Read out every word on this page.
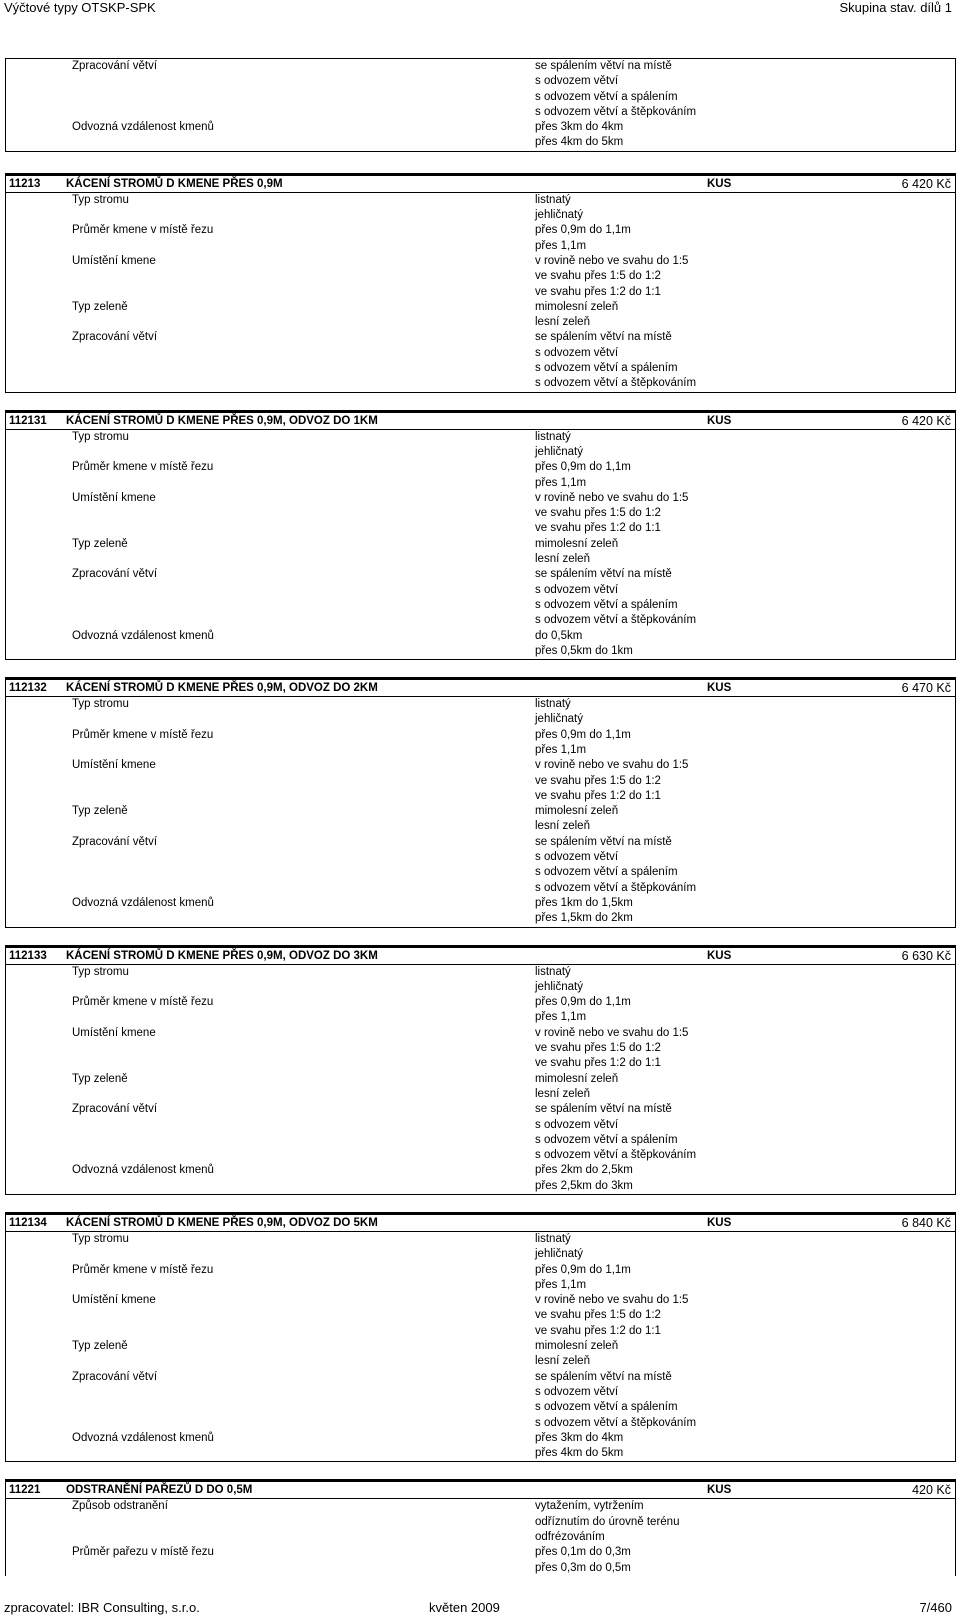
Výčtové typy OTSKP-SPK	Skupina stav. dílů 1
Zpracování větví	se spálením větví na místě
s odvozem větví
s odvozem větví a spálením
s odvozem větví a štěpkováním
Odvozná vzdálenost kmenů	přes 3km do 4km
přes 4km do 5km
11213	KÁCENÍ STROMŮ D KMENE PŘES 0,9M	KUS	6 420 Kč
Typ stromu	listnatý
jehličnatý
Průměr kmene v místě řezu	přes 0,9m do 1,1m
přes 1,1m
Umístění kmene	v rovině nebo ve svahu do 1:5
ve svahu přes 1:5 do 1:2
ve svahu přes 1:2 do 1:1
Typ zeleně	mimolesní zeleň
lesní zeleň
Zpracování větví	se spálením větví na místě
s odvozem větví
s odvozem větví a spálením
s odvozem větví a štěpkováním
112131	KÁCENÍ STROMŮ D KMENE PŘES 0,9M, ODVOZ DO 1KM	KUS	6 420 Kč
Typ stromu	listnatý
jehličnatý
Průměr kmene v místě řezu	přes 0,9m do 1,1m
přes 1,1m
Umístění kmene	v rovině nebo ve svahu do 1:5
ve svahu přes 1:5 do 1:2
ve svahu přes 1:2 do 1:1
Typ zeleně	mimolesní zeleň
lesní zeleň
Zpracování větví	se spálením větví na místě
s odvozem větví
s odvozem větví a spálením
s odvozem větví a štěpkováním
Odvozná vzdálenost kmenů	do 0,5km
přes 0,5km do 1km
112132	KÁCENÍ STROMŮ D KMENE PŘES 0,9M, ODVOZ DO 2KM	KUS	6 470 Kč
Typ stromu	listnatý
jehličnatý
Průměr kmene v místě řezu	přes 0,9m do 1,1m
přes 1,1m
Umístění kmene	v rovině nebo ve svahu do 1:5
ve svahu přes 1:5 do 1:2
ve svahu přes 1:2 do 1:1
Typ zeleně	mimolesní zeleň
lesní zeleň
Zpracování větví	se spálením větví na místě
s odvozem větví
s odvozem větví a spálením
s odvozem větví a štěpkováním
Odvozná vzdálenost kmenů	přes 1km do 1,5km
přes 1,5km do 2km
112133	KÁCENÍ STROMŮ D KMENE PŘES 0,9M, ODVOZ DO 3KM	KUS	6 630 Kč
Typ stromu	listnatý
jehličnatý
Průměr kmene v místě řezu	přes 0,9m do 1,1m
přes 1,1m
Umístění kmene	v rovině nebo ve svahu do 1:5
ve svahu přes 1:5 do 1:2
ve svahu přes 1:2 do 1:1
Typ zeleně	mimolesní zeleň
lesní zeleň
Zpracování větví	se spálením větví na místě
s odvozem větví
s odvozem větví a spálením
s odvozem větví a štěpkováním
Odvozná vzdálenost kmenů	přes 2km do 2,5km
přes 2,5km do 3km
112134	KÁCENÍ STROMŮ D KMENE PŘES 0,9M, ODVOZ DO 5KM	KUS	6 840 Kč
Typ stromu	listnatý
jehličnatý
Průměr kmene v místě řezu	přes 0,9m do 1,1m
přes 1,1m
Umístění kmene	v rovině nebo ve svahu do 1:5
ve svahu přes 1:5 do 1:2
ve svahu přes 1:2 do 1:1
Typ zeleně	mimolesní zeleň
lesní zeleň
Zpracování větví	se spálením větví na místě
s odvozem větví
s odvozem větví a spálením
s odvozem větví a štěpkováním
Odvozná vzdálenost kmenů	přes 3km do 4km
přes 4km do 5km
11221	ODSTRANĚNÍ PAŘEZŮ D DO 0,5M	KUS	420 Kč
Způsob odstranění	vytažením, vytržením
odříznutím do úrovně terénu
odfrézováním
Průměr pařezu v místě řezu	přes 0,1m do 0,3m
přes 0,3m do 0,5m
zpracovatel: IBR Consulting, s.r.o.	květen 2009	7/460
